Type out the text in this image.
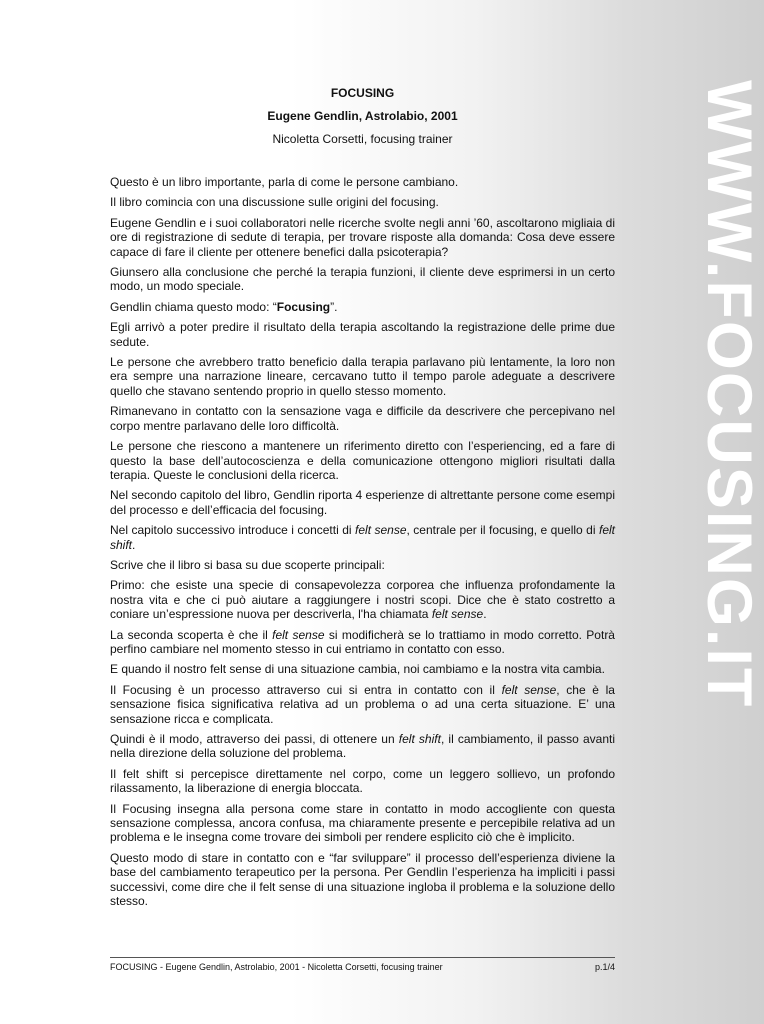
WWW.FOCUSING.IT
FOCUSING
Eugene Gendlin, Astrolabio, 2001
Nicoletta Corsetti, focusing trainer

Questo è un libro importante, parla di come le persone cambiano.

Il libro comincia con una discussione sulle origini del focusing.

Eugene Gendlin e i suoi collaboratori nelle ricerche svolte negli anni ’60, ascoltarono migliaia di ore di registrazione di sedute di terapia, per trovare risposte alla domanda: Cosa deve essere capace di fare il cliente per ottenere benefici dalla psicoterapia?

Giunsero alla conclusione che perché la terapia funzioni, il cliente deve esprimersi in un certo modo, un modo speciale.

Gendlin chiama questo modo: “Focusing”.

Egli arrivò a poter predire il risultato della terapia ascoltando la registrazione delle prime due sedute.

Le persone che avrebbero tratto beneficio dalla terapia parlavano più lentamente, la loro non era sempre una narrazione lineare, cercavano tutto il tempo parole adeguate a descrivere quello che stavano sentendo proprio in quello stesso momento.

Rimanevano in contatto con la sensazione vaga e difficile da descrivere che percepivano nel corpo mentre parlavano delle loro difficoltà.

Le persone che riescono a mantenere un riferimento diretto con l’esperiencing, ed a fare di questo la base dell’autocoscienza e della comunicazione ottengono migliori risultati dalla terapia. Queste le conclusioni della ricerca.

Nel secondo capitolo del libro, Gendlin riporta 4 esperienze di altrettante persone come esempi del processo e dell’efficacia del focusing.

Nel capitolo successivo introduce i concetti di felt sense, centrale per il focusing, e quello di felt shift.

Scrive che il libro si basa su due scoperte principali:

Primo: che esiste una specie di consapevolezza corporea che influenza profondamente la nostra vita e che ci può aiutare a raggiungere i nostri scopi. Dice che è stato costretto a coniare un’espressione nuova per descriverla, l'ha chiamata felt sense.

La seconda scoperta è che il felt sense si modificherà se lo trattiamo in modo corretto. Potrà perfino cambiare nel momento stesso in cui entriamo in contatto con esso.

E quando il nostro felt sense di una situazione cambia, noi cambiamo e la nostra vita cambia.

Il Focusing è un processo attraverso cui si entra in contatto con il felt sense, che è la sensazione fisica significativa relativa ad un problema o ad una certa situazione. E’ una sensazione ricca e complicata.

Quindi è il modo, attraverso dei passi, di ottenere un felt shift, il cambiamento, il passo avanti nella direzione della soluzione del problema.

Il felt shift si percepisce direttamente nel corpo, come un leggero sollievo, un profondo rilassamento, la liberazione di energia bloccata.

Il Focusing insegna alla persona come stare in contatto in modo accogliente con questa sensazione complessa, ancora confusa, ma chiaramente presente e percepibile relativa ad un problema e le insegna come trovare dei simboli per rendere esplicito ciò che è implicito.

Questo modo di stare in contatto con e “far sviluppare” il processo dell’esperienza diviene la base del cambiamento terapeutico per la persona. Per Gendlin l’esperienza ha impliciti i passi successivi, come dire che il felt sense di una situazione ingloba il problema e la soluzione dello stesso.

FOCUSING - Eugene Gendlin, Astrolabio, 2001 - Nicoletta Corsetti, focusing trainer	p.1/4
